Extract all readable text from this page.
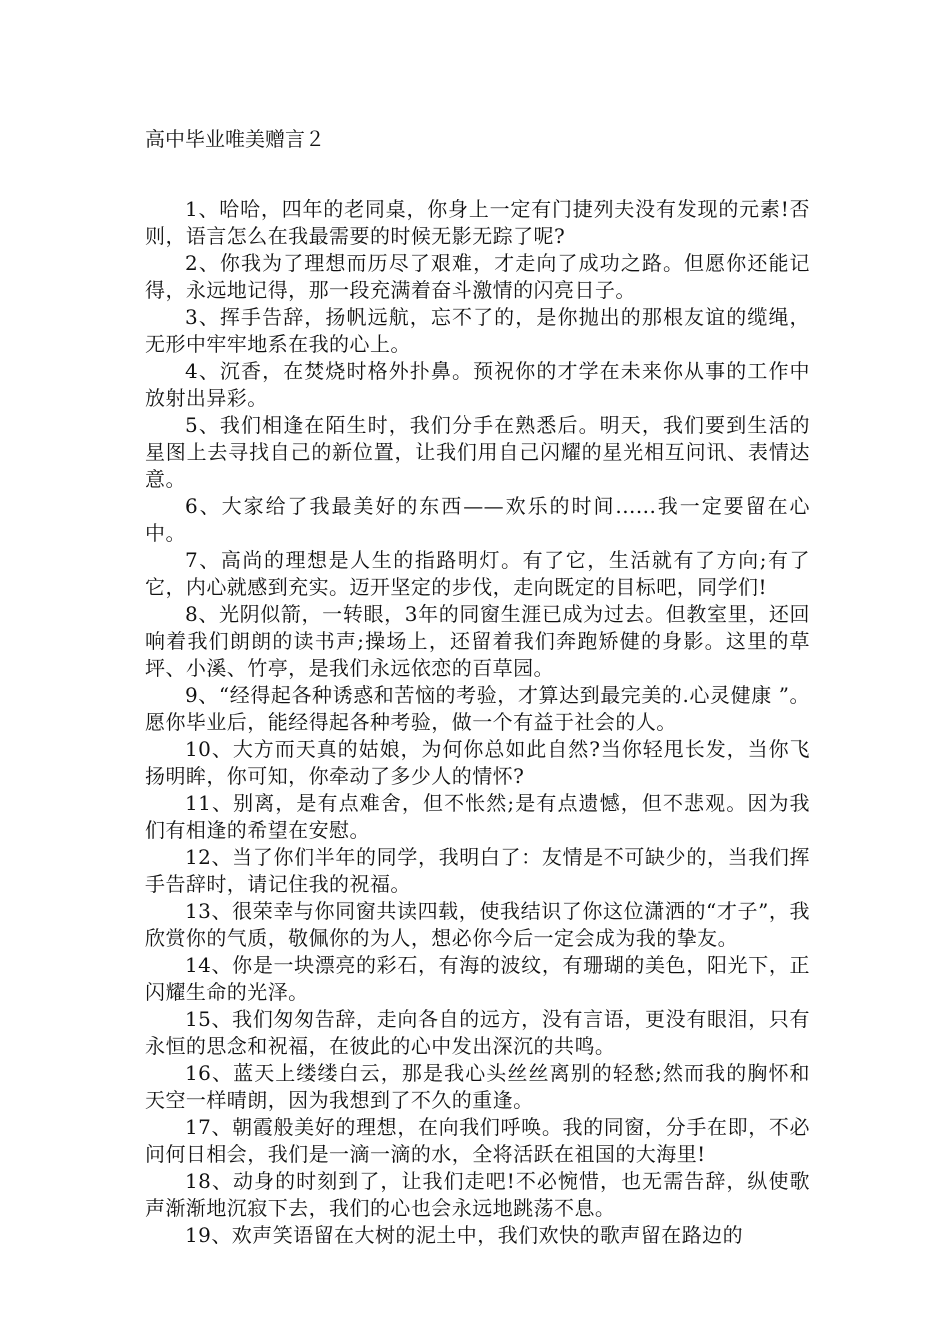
高中毕业唯美赠言２
1、哈哈，四年的老同桌，你身上一定有门捷列夫没有发现的元素!否则，语言怎么在我最需要的时候无影无踪了呢?
2、你我为了理想而历尽了艰难，才走向了成功之路。但愿你还能记得，永远地记得，那一段充满着奋斗激情的闪亮日子。
3、挥手告辞，扬帆远航，忘不了的，是你抛出的那根友谊的缆绳，无形中牢牢地系在我的心上。
4、沉香，在焚烧时格外扑鼻。预祝你的才学在未来你从事的工作中放射出异彩。
5、我们相逢在陌生时，我们分手在熟悉后。明天，我们要到生活的星图上去寻找自己的新位置，让我们用自己闪耀的星光相互问讯、表情达意。
6、大家给了我最美好的东西——欢乐的时间......我一定要留在心中。
7、高尚的理想是人生的指路明灯。有了它，生活就有了方向;有了它，内心就感到充实。迈开坚定的步伐，走向既定的目标吧，同学们!
8、光阴似箭，一转眼，3年的同窗生涯已成为过去。但教室里，还回响着我们朗朗的读书声;操场上，还留着我们奔跑矫健的身影。这里的草坪、小溪、竹亭，是我们永远依恋的百草园。
9、“经得起各种诱惑和苦恼的考验，才算达到最完美的.心灵健康 ”。愿你毕业后，能经得起各种考验，做一个有益于社会的人。
10、大方而天真的姑娘，为何你总如此自然?当你轻甩长发，当你飞扬明眸，你可知，你牵动了多少人的情怀?
11、别离，是有点难舍，但不怅然;是有点遗憾，但不悲观。因为我们有相逢的希望在安慰。
12、当了你们半年的同学，我明白了：友情是不可缺少的，当我们挥手告辞时，请记住我的祝福。
13、很荣幸与你同窗共读四载，使我结识了你这位潇洒的“才子”，我欣赏你的气质，敬佩你的为人，想必你今后一定会成为我的挚友。
14、你是一块漂亮的彩石，有海的波纹，有珊瑚的美色，阳光下，正闪耀生命的光泽。
15、我们匆匆告辞，走向各自的远方，没有言语，更没有眼泪，只有永恒的思念和祝福，在彼此的心中发出深沉的共鸣。
16、蓝天上缕缕白云，那是我心头丝丝离别的轻愁;然而我的胸怀和天空一样晴朗，因为我想到了不久的重逢。
17、朝霞般美好的理想，在向我们呼唤。我的同窗，分手在即，不必问何日相会，我们是一滴一滴的水，全将活跃在祖国的大海里!
18、动身的时刻到了，让我们走吧!不必惋惜，也无需告辞，纵使歌声渐渐地沉寂下去，我们的心也会永远地跳荡不息。
19、欢声笑语留在大树的泥土中，我们欢快的歌声留在路边的
